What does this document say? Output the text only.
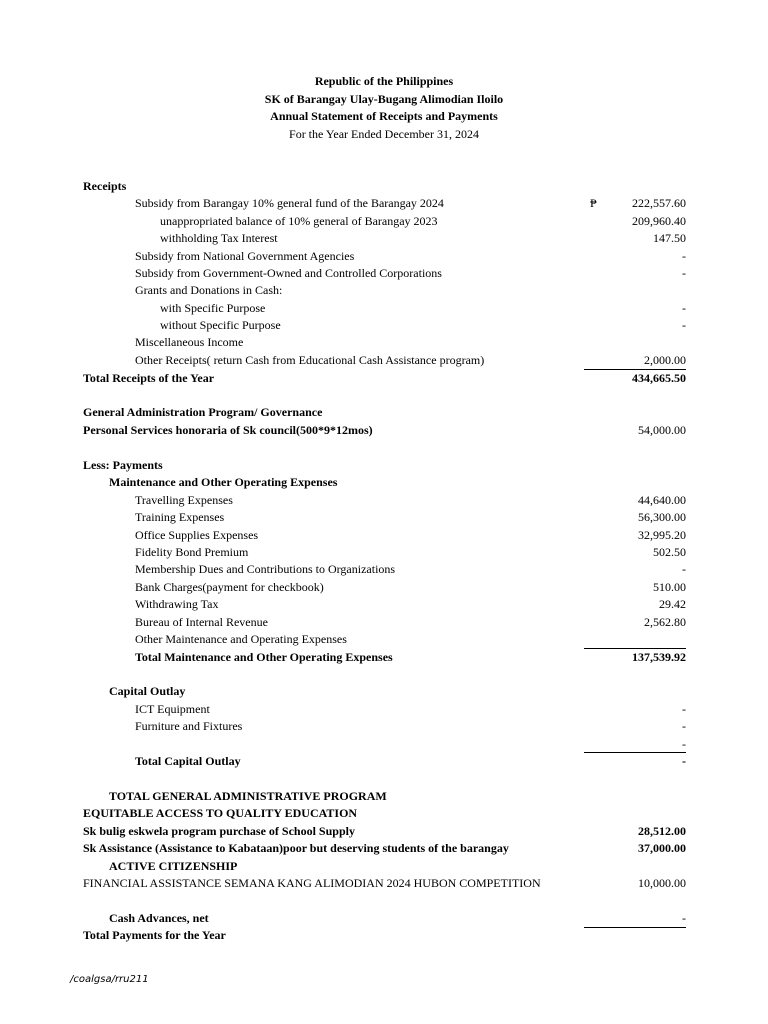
Republic of the Philippines
SK of Barangay Ulay-Bugang Alimodian Iloilo
Annual Statement of Receipts and Payments
For the Year Ended December 31, 2024
Receipts
Subsidy from Barangay 10% general fund of the Barangay 2024	₱	222,557.60
unappropriated balance of 10% general of Barangay 2023	209,960.40
withholding Tax Interest	147.50
Subsidy from National Government Agencies	-
Subsidy from Government-Owned and Controlled Corporations	-
Grants and Donations in Cash:
with Specific Purpose	-
without Specific Purpose	-
Miscellaneous Income
Other Receipts( return Cash from Educational Cash Assistance program)	2,000.00
Total Receipts of the Year	434,665.50
General Administration Program/ Governance
Personal Services honoraria of Sk council(500*9*12mos)	54,000.00
Less: Payments
Maintenance and Other Operating Expenses
Travelling Expenses	44,640.00
Training Expenses	56,300.00
Office Supplies Expenses	32,995.20
Fidelity Bond Premium	502.50
Membership Dues and Contributions to Organizations	-
Bank Charges(payment for checkbook)	510.00
Withdrawing Tax	29.42
Bureau of Internal Revenue	2,562.80
Other Maintenance and Operating Expenses
Total Maintenance and Other Operating Expenses	137,539.92
Capital Outlay
ICT Equipment	-
Furniture and Fixtures	-
-
Total Capital Outlay	-
TOTAL GENERAL ADMINISTRATIVE PROGRAM
EQUITABLE ACCESS TO QUALITY EDUCATION
Sk bulig eskwela program purchase of School Supply	28,512.00
Sk Assistance (Assistance to Kabataan)poor but deserving students of the barangay	37,000.00
ACTIVE CITIZENSHIP
FINANCIAL ASSISTANCE SEMANA KANG ALIMODIAN 2024 HUBON COMPETITION	10,000.00
Cash Advances, net	-
Total Payments for the Year
/coalgsa/rru211
